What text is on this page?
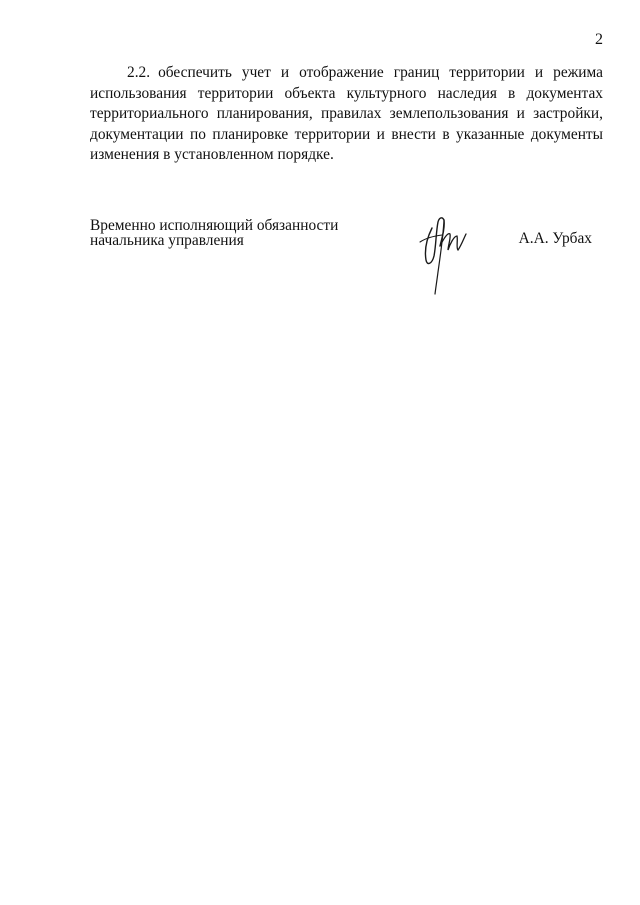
2

2.2. обеспечить учет и отображение границ территории и режима использования территории объекта культурного наследия в документах территориального планирования, правилах землепользования и застройки, документации по планировке территории и внести в указанные документы изменения в установленном порядке.

Временно исполняющий обязанности
начальника управления	А.А. Урбах
